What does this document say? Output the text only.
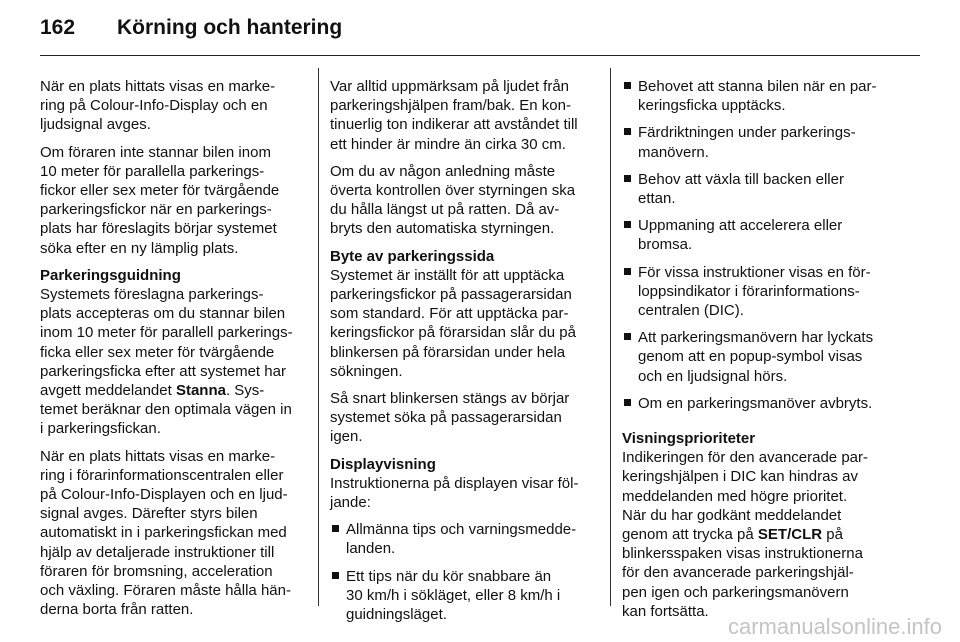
162 Körning och hantering

När en plats hittats visas en marke-
ring på Colour-Info-Display och en
ljudsignal avges.

Om föraren inte stannar bilen inom
10 meter för parallella parkerings-
fickor eller sex meter för tvärgående
parkeringsfickor när en parkerings-
plats har föreslagits börjar systemet
söka efter en ny lämplig plats.

Parkeringsguidning

Systemets föreslagna parkerings-
plats accepteras om du stannar bilen
inom 10 meter för parallell parkerings-
ficka eller sex meter för tvärgående
parkeringsficka efter att systemet har
avgett meddelandet Stanna. Sys-
temet beräknar den optimala vägen in
i parkeringsfickan.

När en plats hittats visas en marke-
ring i förarinformationscentralen eller
på Colour-Info-Displayen och en ljud-
signal avges. Därefter styrs bilen
automatiskt in i parkeringsfickan med
hjälp av detaljerade instruktioner till
föraren för bromsning, acceleration
och växling. Föraren måste hålla hän-
derna borta från ratten.

Var alltid uppmärksam på ljudet från
parkeringshjälpen fram/bak. En kon-
tinuerlig ton indikerar att avståndet till
ett hinder är mindre än cirka 30 cm.

Om du av någon anledning måste
överta kontrollen över styrningen ska
du hålla längst ut på ratten. Då av-
bryts den automatiska styrningen.

Byte av parkeringssida

Systemet är inställt för att upptäcka
parkeringsfickor på passagerarsidan
som standard. För att upptäcka par-
keringsfickor på förarsidan slår du på
blinkersen på förarsidan under hela
sökningen.

Så snart blinkersen stängs av börjar
systemet söka på passagerarsidan
igen.

Displayvisning

Instruktionerna på displayen visar föl-
jande:

Allmänna tips och varningsmedde-
landen.
Ett tips när du kör snabbare än
30 km/h i sökläget, eller 8 km/h i
guidningsläget.
Behovet att stanna bilen när en par-
keringsficka upptäcks.
Färdriktningen under parkerings-
manövern.
Behov att växla till backen eller
ettan.
Uppmaning att accelerera eller
bromsa.
För vissa instruktioner visas en för-
loppsindikator i förarinformations-
centralen (DIC).
Att parkeringsmanövern har lyckats
genom att en popup-symbol visas
och en ljudsignal hörs.
Om en parkeringsmanöver avbryts.
Visningsprioriteter

Indikeringen för den avancerade par-
keringshjälpen i DIC kan hindras av
meddelanden med högre prioritet.
När du har godkänt meddelandet
genom att trycka på SET/CLR på
blinkersspaken visas instruktionerna
för den avancerade parkeringshjäl-
pen igen och parkeringsmanövern
kan fortsätta.

carmanualsonline.info
